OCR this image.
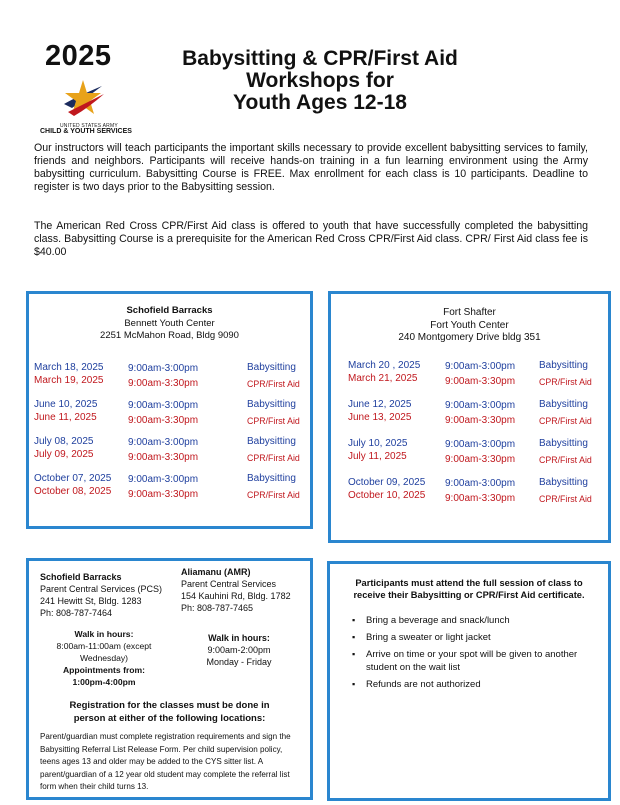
2025	Babysitting & CPR/First Aid
Workshops for
Youth Ages 12-18
UNITED STATES ARMY
CHILD & YOUTH SERVICES
Our instructors will teach participants the important skills necessary to provide excellent babysitting services to family, friends and neighbors. Participants will receive hands-on training in a fun learning environment using the Army babysitting curriculum. Babysitting Course is FREE. Max enrollment for each class is 10 participants. Deadline to register is two days prior to the Babysitting session.
The American Red Cross CPR/First Aid class is offered to youth that have successfully completed the babysitting class. Babysitting Course is a prerequisite for the American Red Cross CPR/First Aid class. CPR/ First Aid class fee is $40.00
Schofield Barracks
Bennett Youth Center
2251 McMahon Road, Bldg 9090
March 18, 2025
March 19, 2025
9:00am-3:00pm
9:00am-3:30pm
Babysitting
CPR/First Aid
June 10, 2025
June 11, 2025
9:00am-3:00pm
9:00am-3:30pm
Babysitting
CPR/First Aid
July 08, 2025
July 09, 2025
9:00am-3:00pm
9:00am-3:30pm
Babysitting
CPR/First Aid
October 07, 2025
October 08, 2025
9:00am-3:00pm
9:00am-3:30pm
Babysitting
CPR/First Aid
Fort Shafter
Fort Youth Center
240 Montgomery Drive bldg 351
March 20 , 2025
March 21, 2025
9:00am-3:00pm
9:00am-3:30pm
Babysitting
CPR/First Aid
June 12, 2025
June 13, 2025
9:00am-3:00pm
9:00am-3:30pm
Babysitting
CPR/First Aid
July 10, 2025
July 11, 2025
9:00am-3:00pm
9:00am-3:30pm
Babysitting
CPR/First Aid
October 09, 2025
October 10, 2025
9:00am-3:00pm
9:00am-3:30pm
Babysitting
CPR/First Aid
Schofield Barracks
Parent Central Services (PCS)
241 Hewitt St, Bldg. 1283
Ph: 808-787-7464
Aliamanu (AMR)
Parent Central Services
154 Kauhini Rd, Bldg. 1782
Ph: 808-787-7465
Walk in hours:
8:00am-11:00am (except
Wednesday)
Appointments from:
1:00pm-4:00pm
Walk in hours:
9:00am-2:00pm
Monday - Friday
Registration for the classes must be done in
person at either of the following locations:
Parent/guardian must complete registration requirements and sign the Babysitting Referral List Release Form. Per child supervision policy, teens ages 13 and older may be added to the CYS sitter list. A parent/guardian of a 12 year old student may complete the referral list form when their child turns 13.
Participants must attend the full session of class to
receive their Babysitting or CPR/First Aid certificate.
▪ Bring a beverage and snack/lunch
▪ Bring a sweater or light jacket
▪ Arrive on time or your spot will be given to another student on the wait list
▪ Refunds are not authorized
